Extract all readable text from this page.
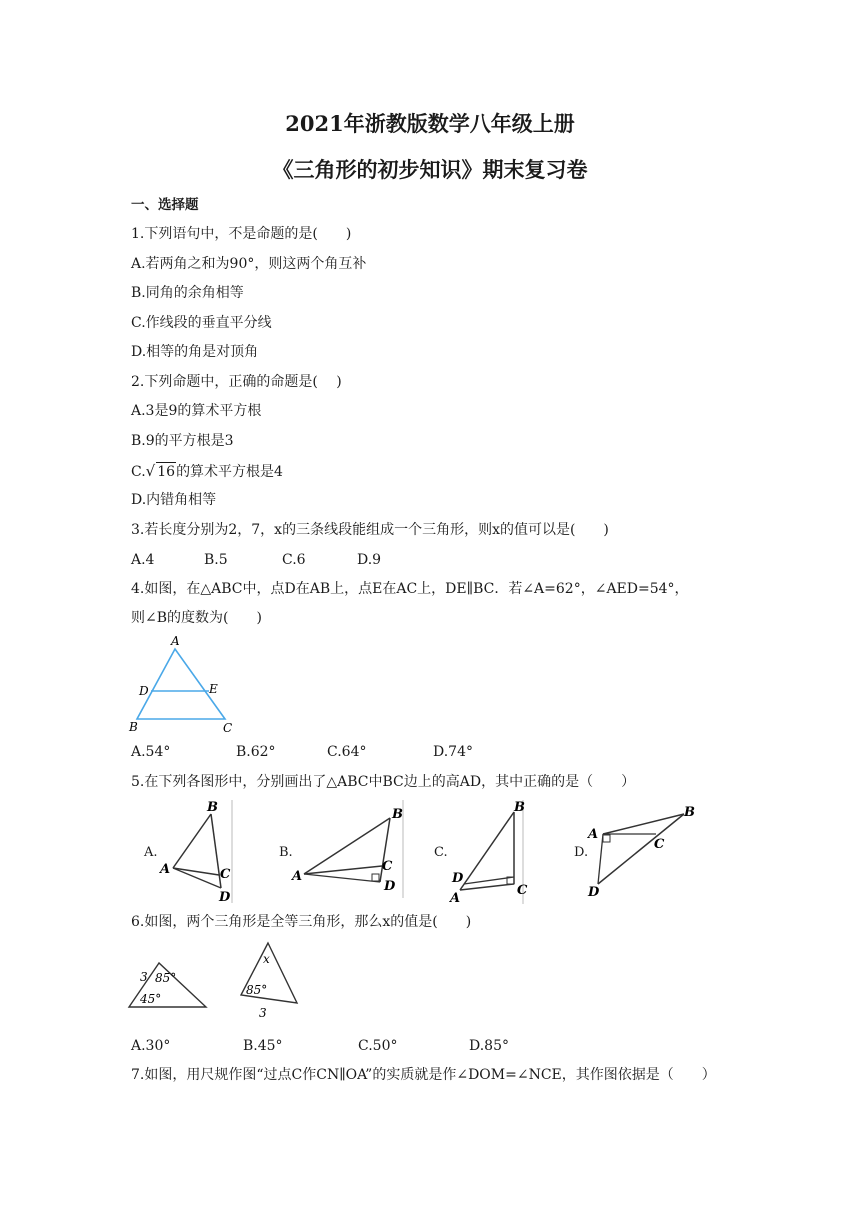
2021年浙教版数学八年级上册
《三角形的初步知识》期末复习卷
一、选择题
1.下列语句中，不是命题的是(　　)
A.若两角之和为90°，则这两个角互补
B.同角的余角相等
C.作线段的垂直平分线
D.相等的角是对顶角
2.下列命题中，正确的命题是(　 )
A.3是9的算术平方根
B.9的平方根是3
C.√ 16的算术平方根是4
D.内错角相等
3.若长度分别为2，7，x的三条线段能组成一个三角形，则x的值可以是(　　)
A.4	B.5	C.6	D.9
4.如图，在△ABC中，点D在AB上，点E在AC上，DE∥BC．若∠A=62°，∠AED=54°，
则∠B的度数为(　　)
A
D	E
B	C
A.54°	B.62°	C.64°	D.74°
5.在下列各图形中，分别画出了△ABC中BC边上的高AD，其中正确的是（　　）
A.
B
A	C
D
B.
B
A
C
D
C.
B
D
C
A
D.
B
A
C
D
6.如图，两个三角形是全等三角形，那么x的值是(　　)
3 85°
45°
x
85°
3
A.30°	B.45°	C.50°	D.85°
7.如图，用尺规作图“过点C作CN∥OA”的实质就是作∠DOM=∠NCE，其作图依据是（　　）
